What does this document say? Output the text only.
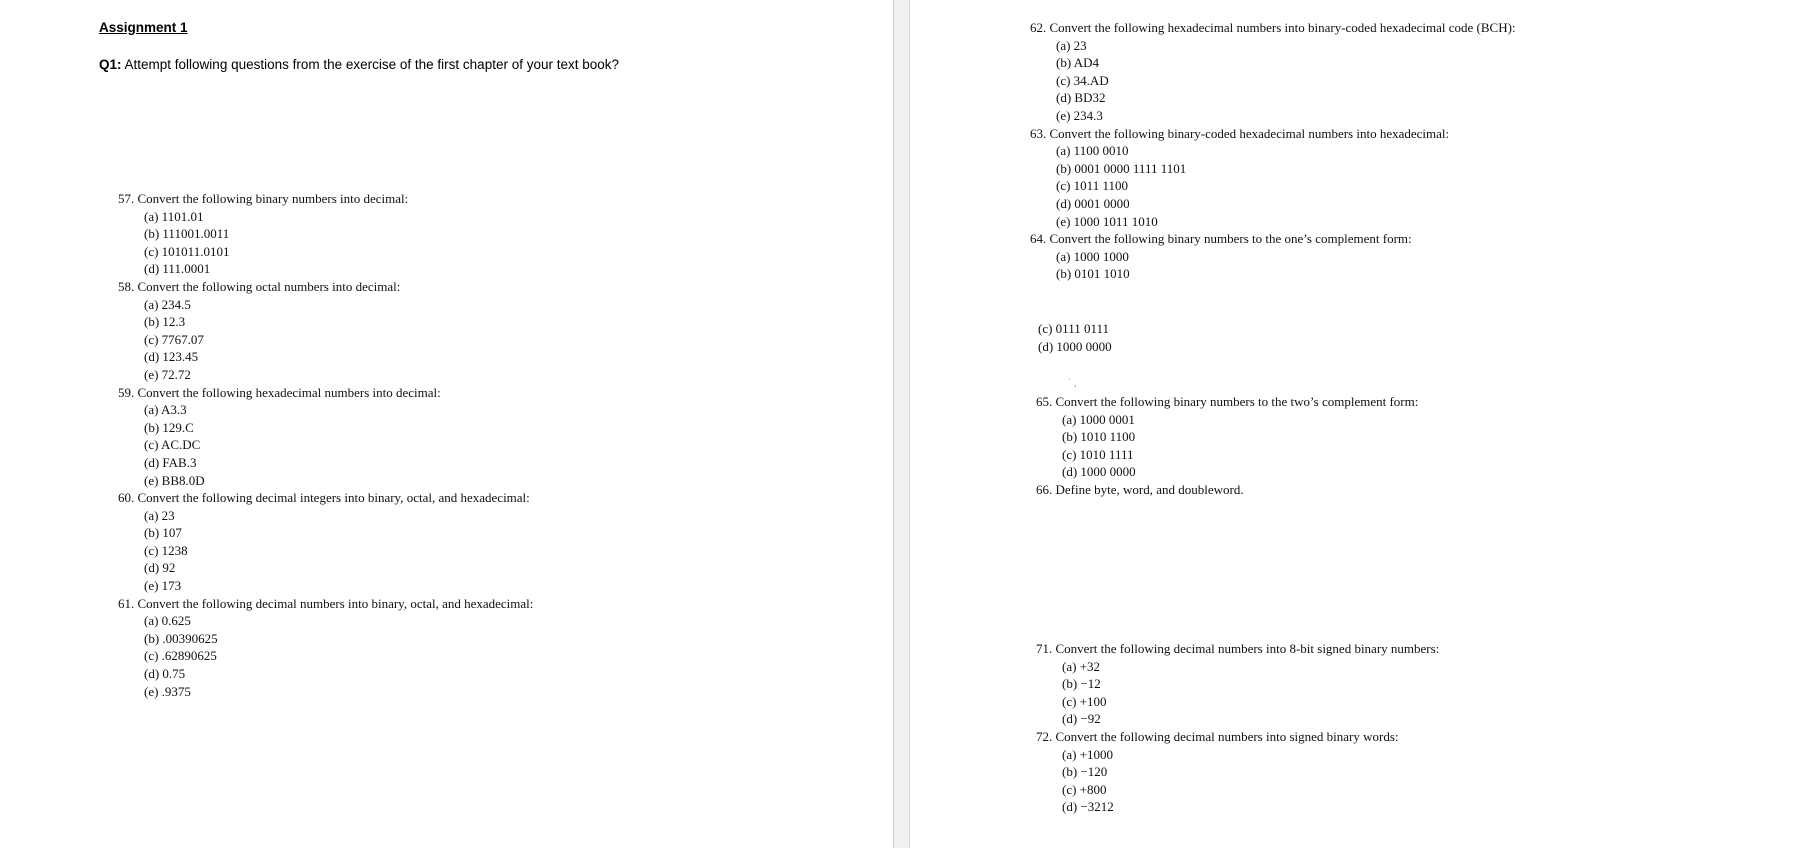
Assignment 1
Q1: Attempt following questions from the exercise of the first chapter of your text book?
57. Convert the following binary numbers into decimal:
(a) 1101.01
(b) 111001.0011
(c) 101011.0101
(d) 111.0001
58. Convert the following octal numbers into decimal:
(a) 234.5
(b) 12.3
(c) 7767.07
(d) 123.45
(e) 72.72
59. Convert the following hexadecimal numbers into decimal:
(a) A3.3
(b) 129.C
(c) AC.DC
(d) FAB.3
(e) BB8.0D
60. Convert the following decimal integers into binary, octal, and hexadecimal:
(a) 23
(b) 107
(c) 1238
(d) 92
(e) 173
61. Convert the following decimal numbers into binary, octal, and hexadecimal:
(a) 0.625
(b) .00390625
(c) .62890625
(d) 0.75
(e) .9375
62. Convert the following hexadecimal numbers into binary-coded hexadecimal code (BCH):
(a) 23
(b) AD4
(c) 34.AD
(d) BD32
(e) 234.3
63. Convert the following binary-coded hexadecimal numbers into hexadecimal:
(a) 1100 0010
(b) 0001 0000 1111 1101
(c) 1011 1100
(d) 0001 0000
(e) 1000 1011 1010
64. Convert the following binary numbers to the one’s complement form:
(a) 1000 1000
(b) 0101 1010
(c) 0111 0111
(d) 1000 0000
` ,
65. Convert the following binary numbers to the two’s complement form:
(a) 1000 0001
(b) 1010 1100
(c) 1010 1111
(d) 1000 0000
66. Define byte, word, and doubleword.
71. Convert the following decimal numbers into 8-bit signed binary numbers:
(a) +32
(b) −12
(c) +100
(d) −92
72. Convert the following decimal numbers into signed binary words:
(a) +1000
(b) −120
(c) +800
(d) −3212
